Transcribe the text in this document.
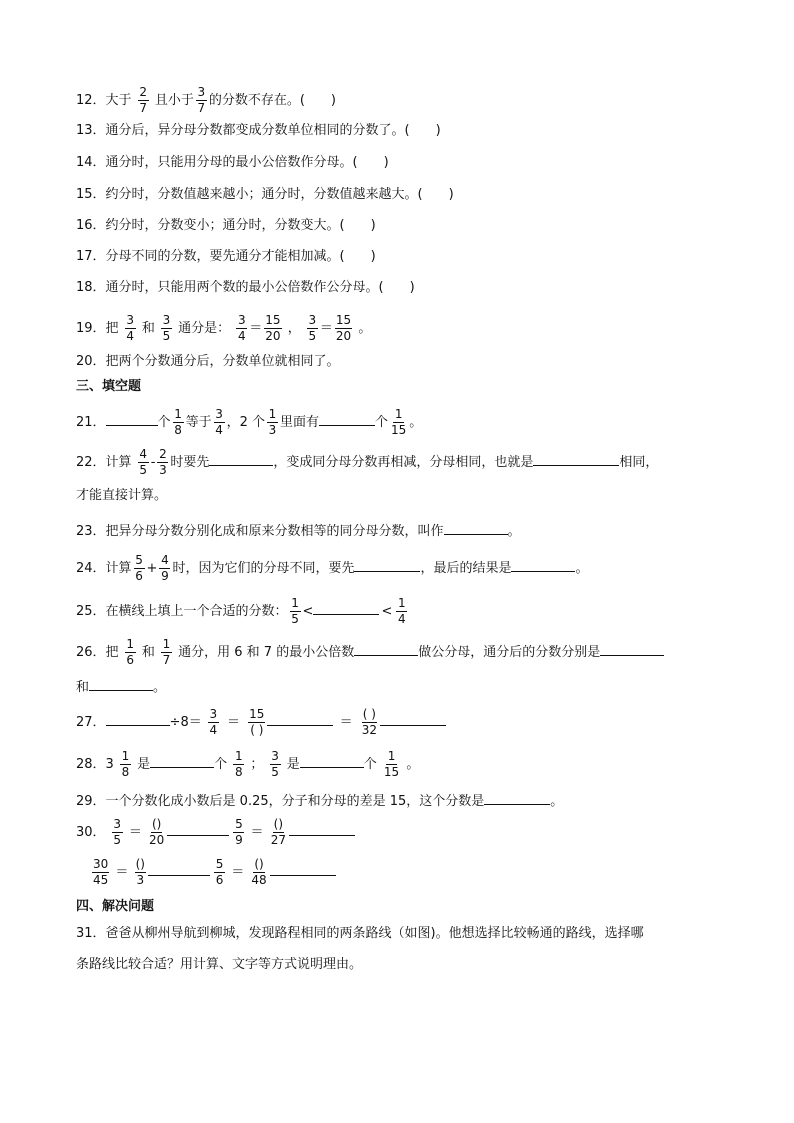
12．大于 $\frac{2}{7}$ 且小于 $\frac{3}{7}$ 的分数不存在。(　　)
13．通分后，异分母分数都变成分数单位相同的分数了。(　　)
14．通分时，只能用分母的最小公倍数作分母。(　　)
15．约分时，分数值越来越小；通分时，分数值越来越大。(　　)
16．约分时，分数变小；通分时，分数变大。(　　)
17．分母不同的分数，要先通分才能相加减。(　　)
18．通分时，只能用两个数的最小公倍数作公分母。(　　)
19．把 $\frac{3}{4}$ 和 $\frac{3}{5}$ 通分是： $\frac{3}{4} = \frac{15}{20}$ ， $\frac{3}{5} = \frac{15}{20}$ 。
20．把两个分数通分后，分数单位就相同了。
三、填空题
21．	个 $\frac{1}{8}$ 等于 $\frac{3}{4}$ ，2 个 $\frac{1}{3}$ 里面有	个 $\frac{1}{15}$ 。
22．计算 $\frac{4}{5} - \frac{2}{3}$ 时要先	，变成同分母分数再相减，分母相同，也就是	相同，
才能直接计算。
23．把异分母分数分别化成和原来分数相等的同分母分数，叫作	。
24．计算 $\frac{5}{6} + \frac{4}{9}$ 时，因为它们的分母不同，要先	，最后的结果是	。
25．在横线上填上一个合适的分数： $\frac{1}{5}$ <	< $\frac{1}{4}$
26．把 $\frac{1}{6}$ 和 $\frac{1}{7}$ 通分，用 6 和 7 的最小公倍数	做公分母，通分后的分数分别是
和	。
27．	$\div 8= \frac{3}{4} = \frac{15}{( )}$	＝ $\frac{( )}{32}$
28．$3 \frac{1}{8}$ 是	个 $\frac{1}{8}$ ； $\frac{3}{5}$ 是	个 $\frac{1}{15}$ 。
29．一个分数化成小数后是 0.25，分子和分母的差是 15，这个分数是	。
30． $\frac{3}{5} = \frac{()}{20}$
	$\frac{5}{9} = \frac{()}{27}$
$\frac{30}{45} = \frac{()}{3}$
	$\frac{5}{6} = \frac{()}{48}$
四、解决问题
31．爸爸从柳州导航到柳城，发现路程相同的两条路线（如图)。他想选择比较畅通的路线，选择哪
条路线比较合适？用计算、文字等方式说明理由。
